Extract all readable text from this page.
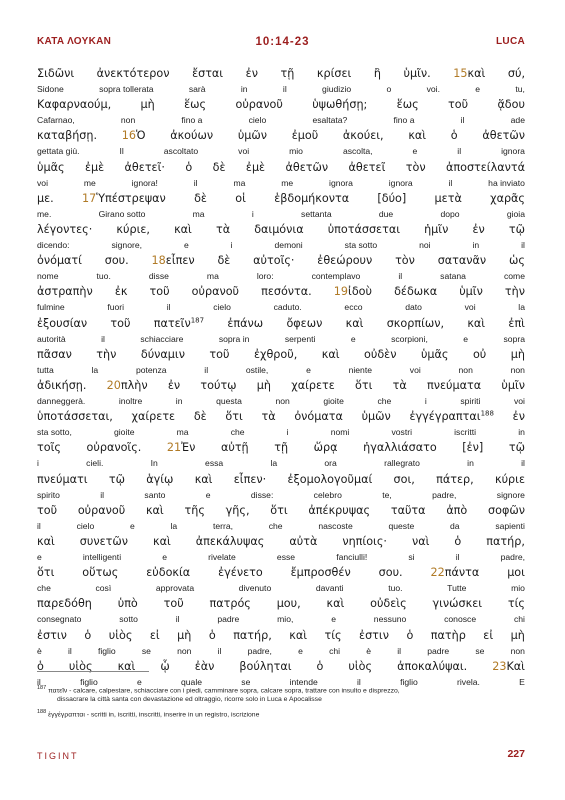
ΚΑΤΑ ΛΟΥΚΑΝ	10:14-23	LUCA
Σιδῶνι ἀνεκτότερον ἔσται ἐν τῇ κρίσει ἢ ὑμῖν. 15καὶ σύ,
Sidone	sopra tollerata	sarà	in	il	giudizio	o	voi.	e	tu,
Καφαρναούμ,	μὴ	ἕως	οὐρανοῦ	ὑψωθήσῃ;	ἕως	τοῦ	ᾅδου
Cafarnao,	non	fino a	cielo	esaltata?	fino a	il	ade
καταβήσῃ. 16Ὁ ἀκούων ὑμῶν ἐμοῦ ἀκούει, καὶ ὁ ἀθετῶν
gettata giù.	Il	ascoltato	voi	mio	ascolta,	e	il	ignora
ὑμᾶς ἐμὲ ἀθετεῖ· ὁ δὲ ἐμὲ ἀθετῶν ἀθετεῖ τὸν ἀποστείλαντά
voi	me	ignora!	il	ma	me	ignora	ignora	il	ha inviato
με.	17Ὑπέστρεψαν	δὲ	οἱ	ἑβδομήκοντα	[δύο]	μετὰ	χαρᾶς
me.	Girano sotto	ma	i	settanta	due	dopo	gioia
λέγοντες· κύριε, καὶ τὰ δαιμόνια ὑποτάσσεται ἡμῖν ἐν τῷ
dicendo:	signore,	e	i	demoni	sta sotto	noi	in	il
ὀνόματί σου. 18εἶπεν δὲ αὐτοῖς· ἐθεώρουν τὸν σατανᾶν ὡς
nome	tuo.	disse	ma	loro:	contemplavo	il	satana	come
ἀστραπὴν ἐκ τοῦ οὐρανοῦ πεσόντα. 19ἰδοὺ δέδωκα ὑμῖν τὴν
fulmine	fuori	il	cielo	caduto.	ecco	dato	voi	la
ἐξουσίαν τοῦ πατεῖν$^{187}$ ἐπάνω ὄφεων καὶ σκορπίων, καὶ ἐπὶ
autorità	il	schiacciare	sopra in	serpenti	e	scorpioni,	e	sopra
πᾶσαν τὴν δύναμιν τοῦ ἐχθροῦ, καὶ οὐδὲν ὑμᾶς οὐ μὴ
tutta	la	potenza	il	ostile,	e	niente	voi	non	non
ἀδικήσῃ. 20πλὴν ἐν τούτῳ μὴ χαίρετε ὅτι τὰ πνεύματα ὑμῖν
danneggerà.	inoltre	in	questa	non	gioite	che	i	spiriti	voi
ὑποτάσσεται, χαίρετε δὲ ὅτι τὰ ὀνόματα ὑμῶν ἐγγέγραπται$^{188}$ ἐν
sta sotto,	gioite	ma	che	i	nomi	vostri	iscritti	in
τοῖς οὐρανοῖς. 21Ἐν αὐτῇ τῇ ὥρᾳ ἠγαλλιάσατο [ἐν] τῷ
i	cieli.	In	essa	la	ora	rallegrato	in	il
πνεύματι τῷ ἁγίῳ καὶ εἶπεν· ἐξομολογοῦμαί σοι, πάτερ, κύριε
spirito	il	santo	e	disse:	celebro	te,	padre,	signore
τοῦ οὐρανοῦ καὶ τῆς γῆς, ὅτι ἀπέκρυψας ταῦτα ἀπὸ σοφῶν
il	cielo	e	la	terra,	che	nascoste	queste	da	sapienti
καὶ συνετῶν καὶ ἀπεκάλυψας αὐτὰ νηπίοις· ναὶ ὁ πατήρ,
e	intelligenti	e	rivelate	esse	fanciulli!	si	il	padre,
ὅτι οὕτως εὐδοκία ἐγένετο ἔμπροσθέν σου. 22πάντα μοι
che	così	approvata	divenuto	davanti	tuo.	Tutte	mio
παρεδόθη ὑπὸ τοῦ πατρός μου, καὶ οὐδεὶς γινώσκει τίς
consegnato	sotto	il	padre	mio,	e	nessuno	conosce	chi
ἐστιν ὁ υἱὸς εἰ μὴ ὁ πατήρ, καὶ τίς ἐστιν ὁ πατὴρ εἰ μὴ
è	il	figlio	se	non	il	padre,	e	chi	è	il	padre	se	non
ὁ υἱὸς καὶ ᾧ ἐὰν βούληται ὁ υἱὸς ἀποκαλύψαι. 23Καὶ
il	figlio	e	quale	se	intende	il	figlio	rivela.	E
$^{187}$ πατεῖν - calcare, calpestare, schiacciare con i piedi, camminare sopra, calcare sopra, trattare con insulto e disprezzo,
dissacrare la città santa con devastazione ed oltraggio, ricorre solo in Luca e Apocalisse
$^{188}$ ἐγγέγραπται - scritti in, iscritti, inscritti, inserire in un registro, iscrizione
TIGINT	227
